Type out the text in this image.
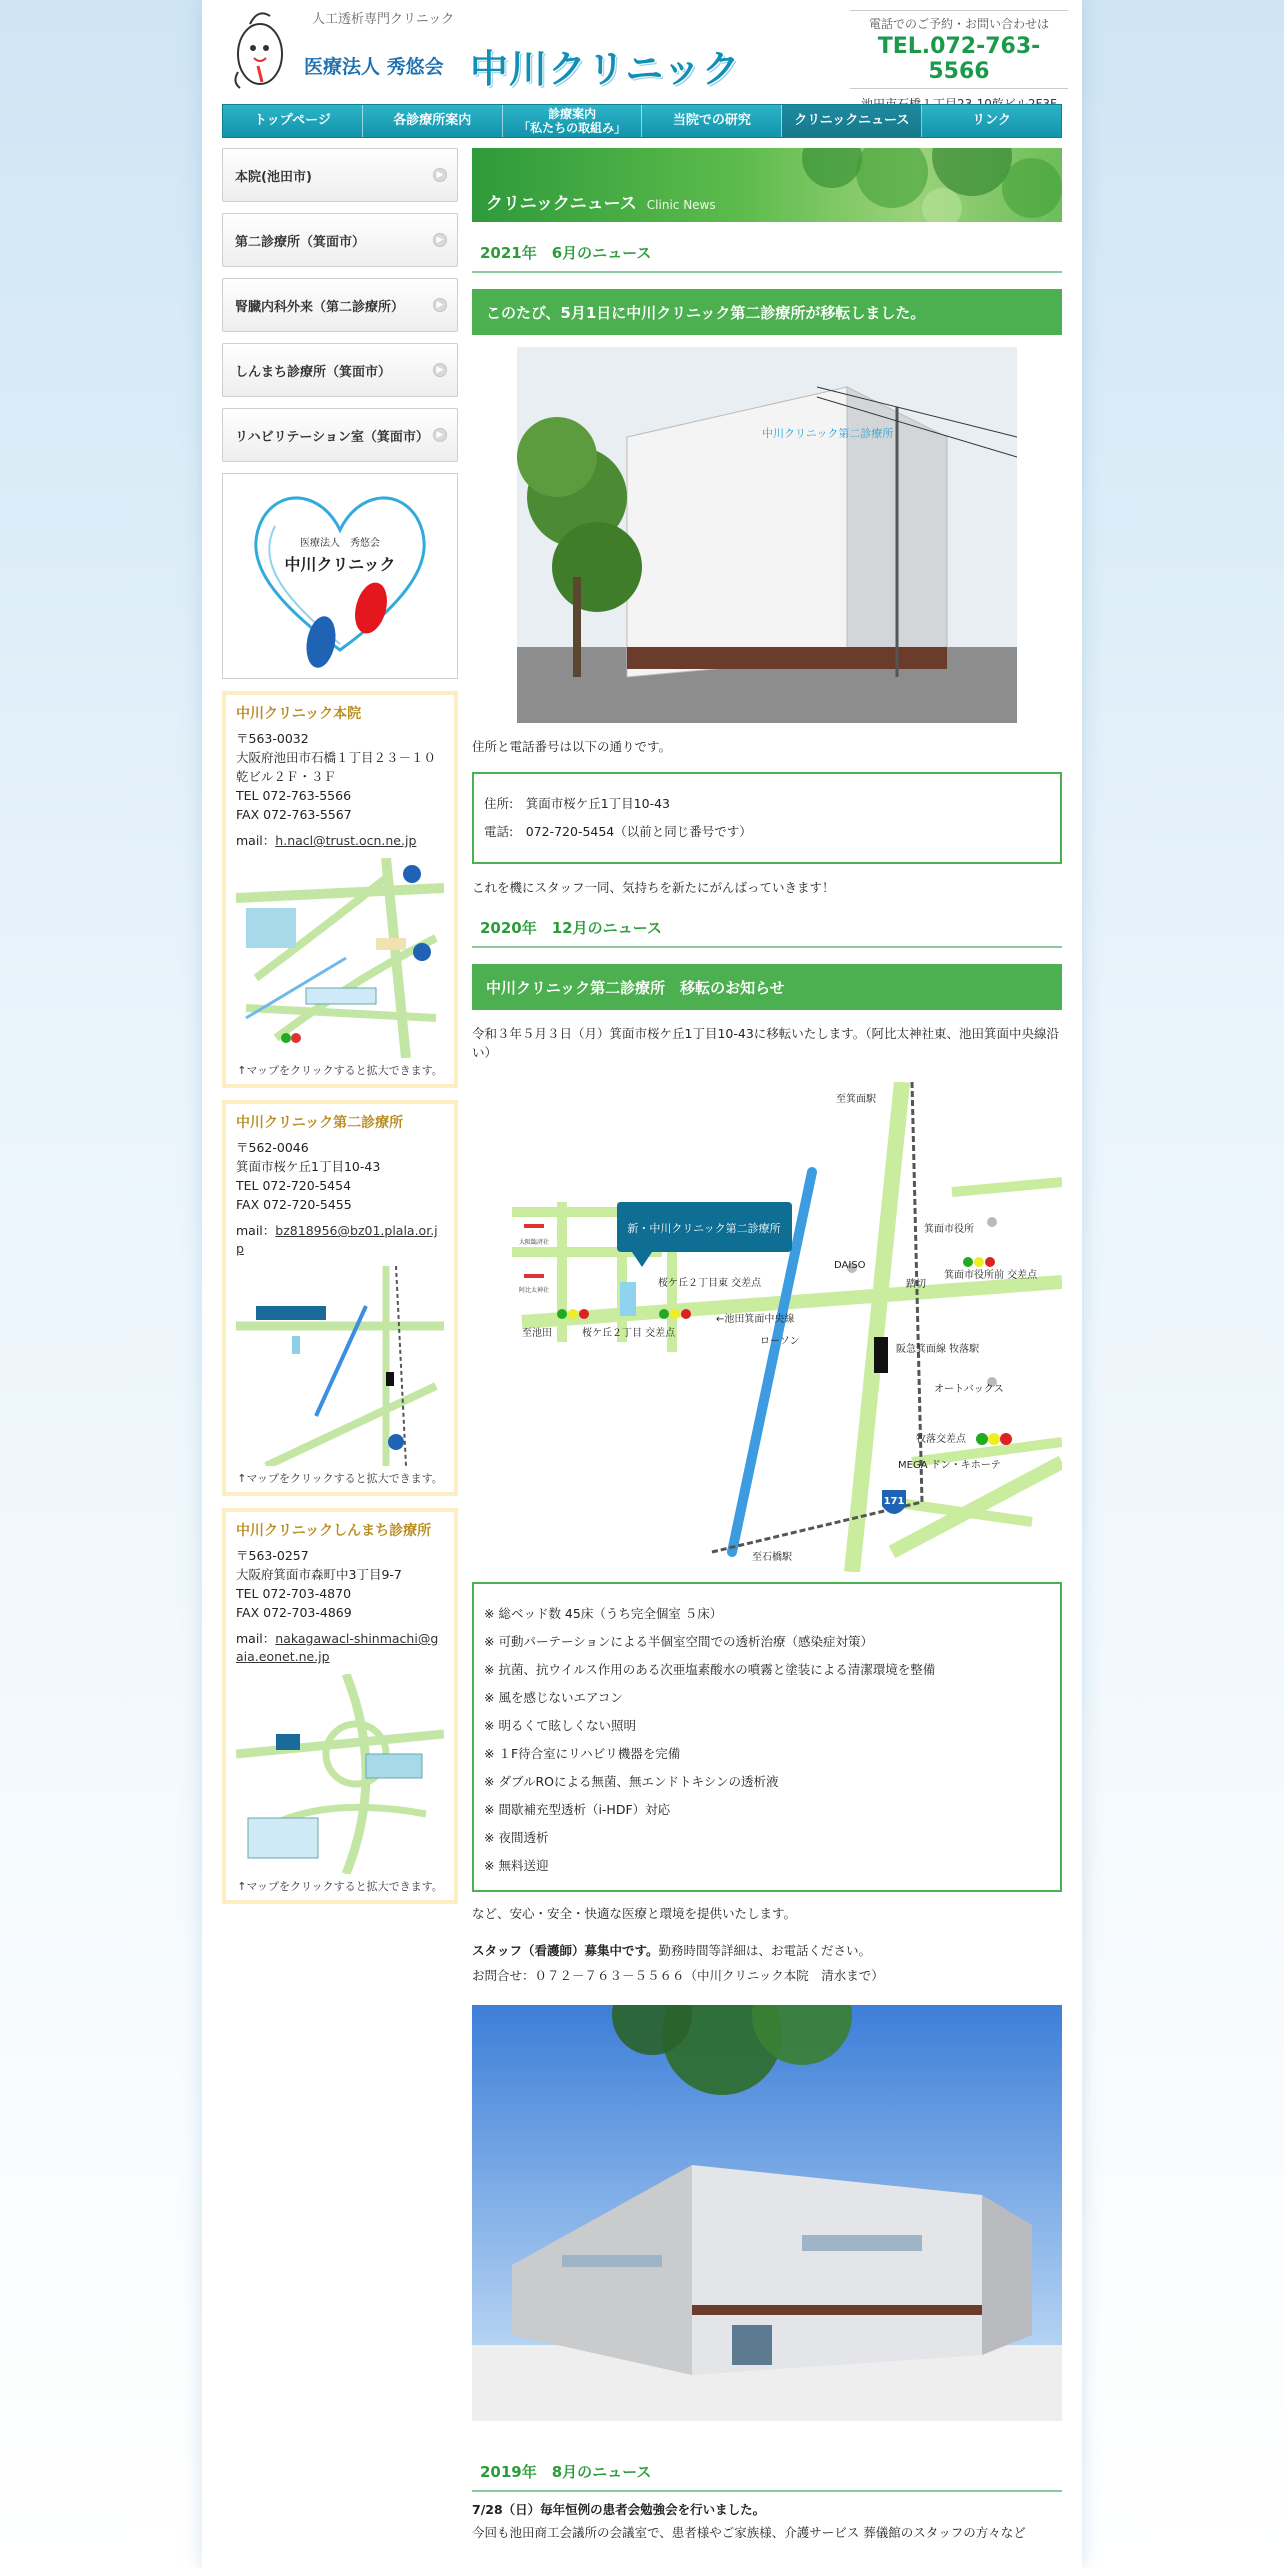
人工透析専門クリニック
医療法人 秀悠会 中川クリニック
電話でのご予約・お問い合わせは
TEL.072-763-5566
トップページ	各診療所案内	診療案内
「私たちの取組み」	当院での研究	クリニックニュース	リンク
本院(池田市)	▶
第二診療所（箕面市）	▶
腎臓内科外来（第二診療所）	▶
しんまち診療所（箕面市）	▶
リハビリテーション室（箕面市） ▶
医療法人　秀悠会
中川クリニック
中川クリニック本院
〒563-0032
大阪府池田市石橋１丁目２３－１０　乾ビル２Ｆ・３Ｆ
TEL 072-763-5566
FAX 072-763-5567
mail：h.nacl@trust.ocn.ne.jp
↑マップをクリックすると拡大できます。
中川クリニック第二診療所
〒562-0046
箕面市桜ケ丘1丁目10-43
TEL 072-720-5454
FAX 072-720-5455
mail：bz818956@bz01.plala.or.jp
↑マップをクリックすると拡大できます。
中川クリニックしんまち診療所
〒563-0257
大阪府箕面市森町中3丁目9-7
TEL 072-703-4870
FAX 072-703-4869
mail：nakagawacl-shinmachi@gaia.eonet.ne.jp
↑マップをクリックすると拡大できます。
クリニックニュース Clinic News
2021年　6月のニュース
このたび、5月1日に中川クリニック第二診療所が移転しました。
中川クリニック第二診療所
住所と電話番号は以下の通りです。
住所:　箕面市桜ケ丘1丁目10-43
電話:　072-720-5454（以前と同じ番号です）
これを機にスタッフ一同、気持ちを新たにがんばっていきます！
2020年　12月のニュース
中川クリニック第二診療所　移転のお知らせ
令和３年５月３日（月）箕面市桜ケ丘1丁目10-43に移転いたします。（阿比太神社東、池田箕面中央線沿い）
新・中川クリニック第二診療所
大阪臨済社
阿比太神社
至箕面駅
箕面市役所
箕面市役所前 交差点
DAISO
踏切
桜ケ丘２丁目東 交差点
桜ケ丘２丁目 交差点
至池田
←池田箕面中央線
ローソン
阪急箕面線 牧落駅
オートバックス
牧落交差点
MEGA ドン・キホーテ
171
至石橋駅
※ 総ベッド数 45床（うち完全個室 ５床）
※ 可動パーテーションによる半個室空間での透析治療（感染症対策）
※ 抗菌、抗ウイルス作用のある次亜塩素酸水の噴霧と塗装による清潔環境を整備
※ 風を感じないエアコン
※ 明るくて眩しくない照明
※ １F待合室にリハビリ機器を完備
※ ダブルROによる無菌、無エンドトキシンの透析液
※ 間歇補充型透析（i-HDF）対応
※ 夜間透析
※ 無料送迎
など、安心・安全・快適な医療と環境を提供いたします。
スタッフ（看護師）募集中です。勤務時間等詳細は、お電話ください。
お問合せ：０７２－７６３－５５６６（中川クリニック本院　清水まで）
2019年　8月のニュース
7/28（日）毎年恒例の患者会勉強会を行いました。
今回も池田商工会議所の会議室で、患者様やご家族様、介護サービス 葬儀館のスタッフの方々など
